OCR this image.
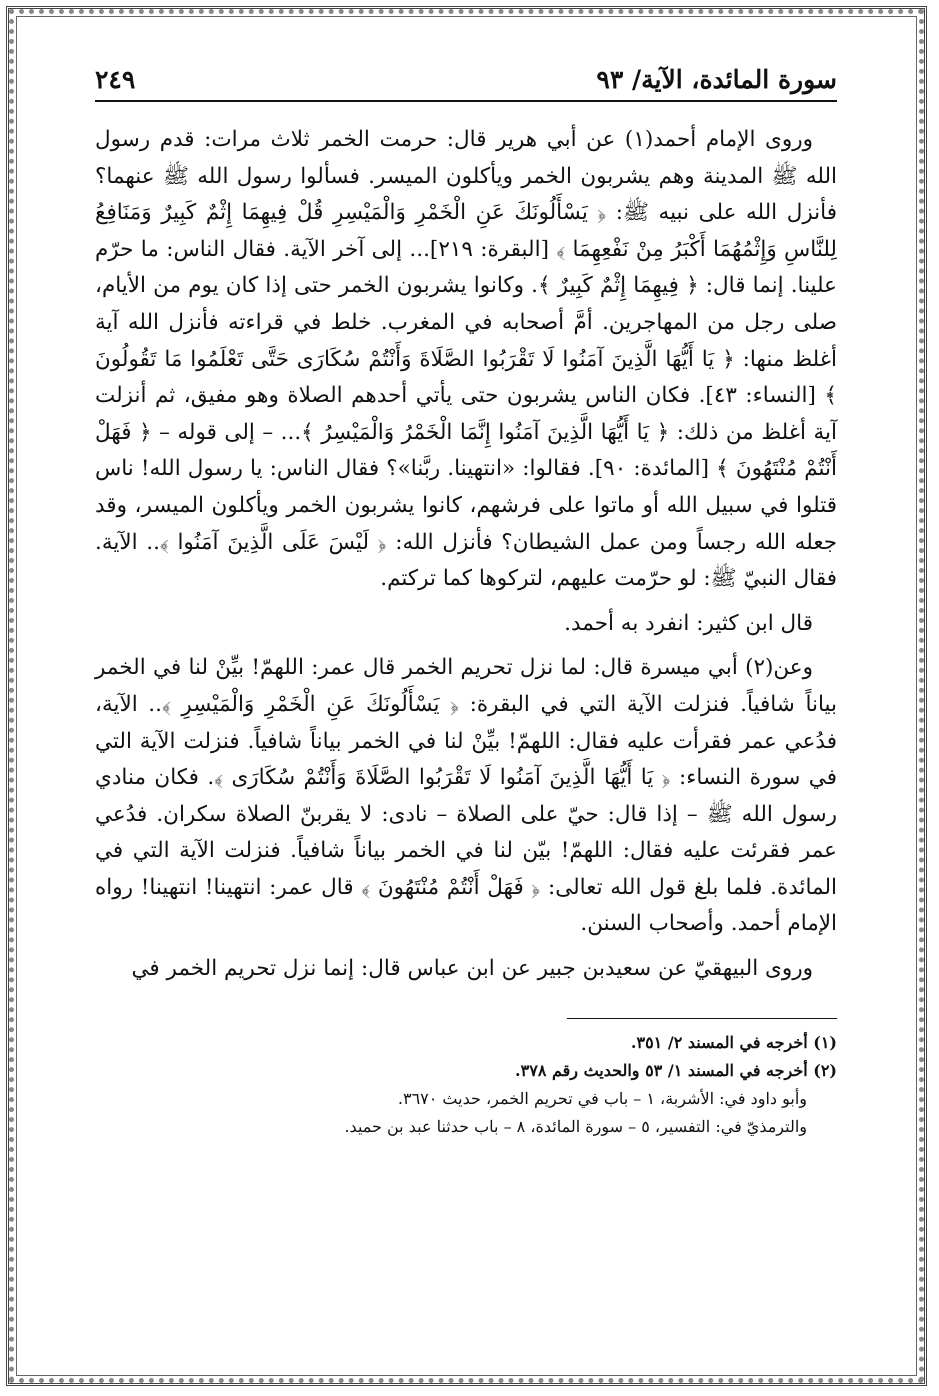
سورة المائدة، الآية/ ٩٣
٢٤٩

وروى الإمام أحمد(١) عن أبي هرير قال: حرمت الخمر ثلاث مرات: قدم رسول الله ﷺ المدينة وهم يشربون الخمر ويأكلون الميسر. فسألوا رسول الله ﷺ عنهما؟ فأنزل الله على نبيه ﷺ: ﴿ يَسْأَلُونَكَ عَنِ الْخَمْرِ وَالْمَيْسِرِ قُلْ فِيهِمَا إِثْمٌ كَبِيرٌ وَمَنَافِعُ لِلنَّاسِ وَإِثْمُهُمَا أَكْبَرُ مِنْ نَفْعِهِمَا ﴾ [البقرة: ٢١٩]... إلى آخر الآية. فقال الناس: ما حرّم علينا. إنما قال: ﴿ فِيهِمَا إِثْمٌ كَبِيرٌ ﴾. وكانوا يشربون الخمر حتى إذا كان يوم من الأيام، صلى رجل من المهاجرين. أمَّ أصحابه في المغرب. خلط في قراءته فأنزل الله آية أغلظ منها: ﴿ يَا أَيُّهَا الَّذِينَ آمَنُوا لَا تَقْرَبُوا الصَّلَاةَ وَأَنْتُمْ سُكَارَى حَتَّى تَعْلَمُوا مَا تَقُولُونَ ﴾ [النساء: ٤٣]. فكان الناس يشربون حتى يأتي أحدهم الصلاة وهو مفيق، ثم أنزلت آية أغلظ من ذلك: ﴿ يَا أَيُّهَا الَّذِينَ آمَنُوا إِنَّمَا الْخَمْرُ وَالْمَيْسِرُ ﴾... – إلى قوله – ﴿ فَهَلْ أَنْتُمْ مُنْتَهُونَ ﴾ [المائدة: ٩٠]. فقالوا: «انتهينا. ربَّنا»؟ فقال الناس: يا رسول الله! ناس قتلوا في سبيل الله أو ماتوا على فرشهم، كانوا يشربون الخمر ويأكلون الميسر، وقد جعله الله رجساً ومن عمل الشيطان؟ فأنزل الله: ﴿ لَيْسَ عَلَى الَّذِينَ آمَنُوا ﴾.. الآية. فقال النبيّ ﷺ: لو حرّمت عليهم، لتركوها كما تركتم.

قال ابن كثير: انفرد به أحمد.

وعن(٢) أبي ميسرة قال: لما نزل تحريم الخمر قال عمر: اللهمّ! بيِّنْ لنا في الخمر بياناً شافياً. فنزلت الآية التي في البقرة: ﴿ يَسْأَلُونَكَ عَنِ الْخَمْرِ وَالْمَيْسِرِ ﴾.. الآية، فدُعي عمر فقرأت عليه فقال: اللهمّ! بيِّنْ لنا في الخمر بياناً شافياً. فنزلت الآية التي في سورة النساء: ﴿ يَا أَيُّهَا الَّذِينَ آمَنُوا لَا تَقْرَبُوا الصَّلَاةَ وَأَنْتُمْ سُكَارَى ﴾. فكان منادي رسول الله ﷺ – إذا قال: حيّ على الصلاة – نادى: لا يقربنّ الصلاة سكران. فدُعي عمر فقرئت عليه فقال: اللهمّ! بيّن لنا في الخمر بياناً شافياً. فنزلت الآية التي في المائدة. فلما بلغ قول الله تعالى: ﴿ فَهَلْ أَنْتُمْ مُنْتَهُونَ ﴾ قال عمر: انتهينا! انتهينا! رواه الإمام أحمد. وأصحاب السنن.

وروى البيهقيّ عن سعيدبن جبير عن ابن عباس قال: إنما نزل تحريم الخمر في

(١) أخرجه في المسند ٢/ ٣٥١.
(٢) أخرجه في المسند ١/ ٥٣ والحديث رقم ٣٧٨.
وأبو داود في: الأشربة، ١ – باب في تحريم الخمر، حديث ٣٦٧٠.
والترمذيّ في: التفسير، ٥ – سورة المائدة، ٨ – باب حدثنا عبد بن حميد.
